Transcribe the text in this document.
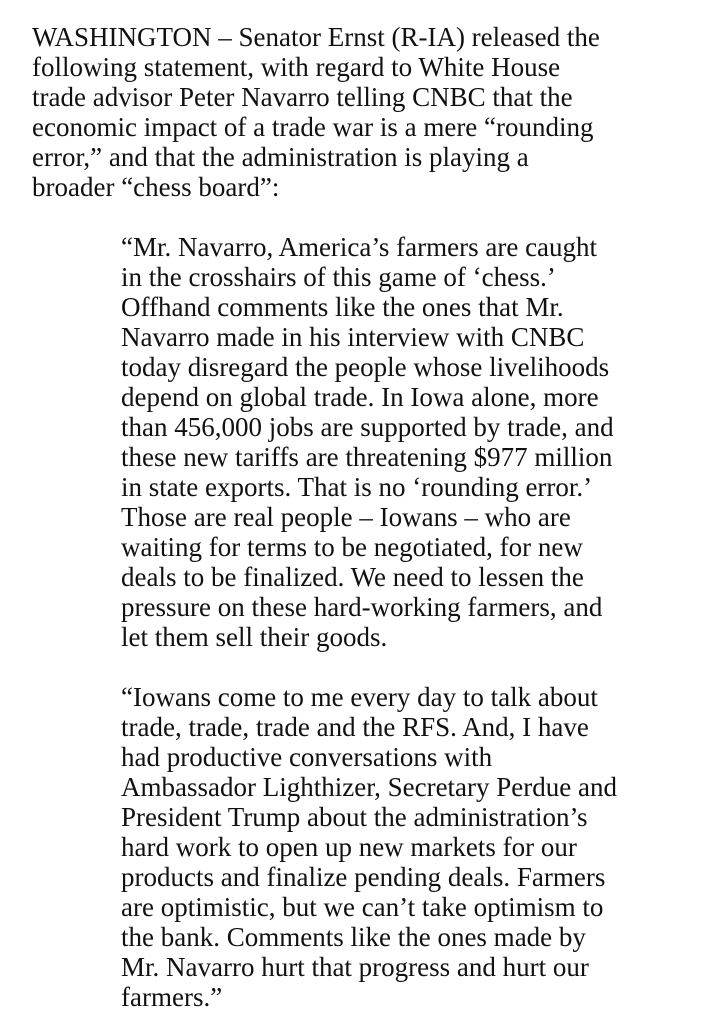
WASHINGTON – Senator Ernst (R-IA) released the
following statement, with regard to White House
trade advisor Peter Navarro telling CNBC that the
economic impact of a trade war is a mere “rounding
error,” and that the administration is playing a
broader “chess board”:

“Mr. Navarro, America’s farmers are caught
in the crosshairs of this game of ‘chess.’
Offhand comments like the ones that Mr.
Navarro made in his interview with CNBC
today disregard the people whose livelihoods
depend on global trade. In Iowa alone, more
than 456,000 jobs are supported by trade, and
these new tariffs are threatening $977 million
in state exports. That is no ‘rounding error.’
Those are real people – Iowans – who are
waiting for terms to be negotiated, for new
deals to be finalized. We need to lessen the
pressure on these hard-working farmers, and
let them sell their goods.

“Iowans come to me every day to talk about
trade, trade, trade and the RFS. And, I have
had productive conversations with
Ambassador Lighthizer, Secretary Perdue and
President Trump about the administration’s
hard work to open up new markets for our
products and finalize pending deals. Farmers
are optimistic, but we can’t take optimism to
the bank. Comments like the ones made by
Mr. Navarro hurt that progress and hurt our
farmers.”
